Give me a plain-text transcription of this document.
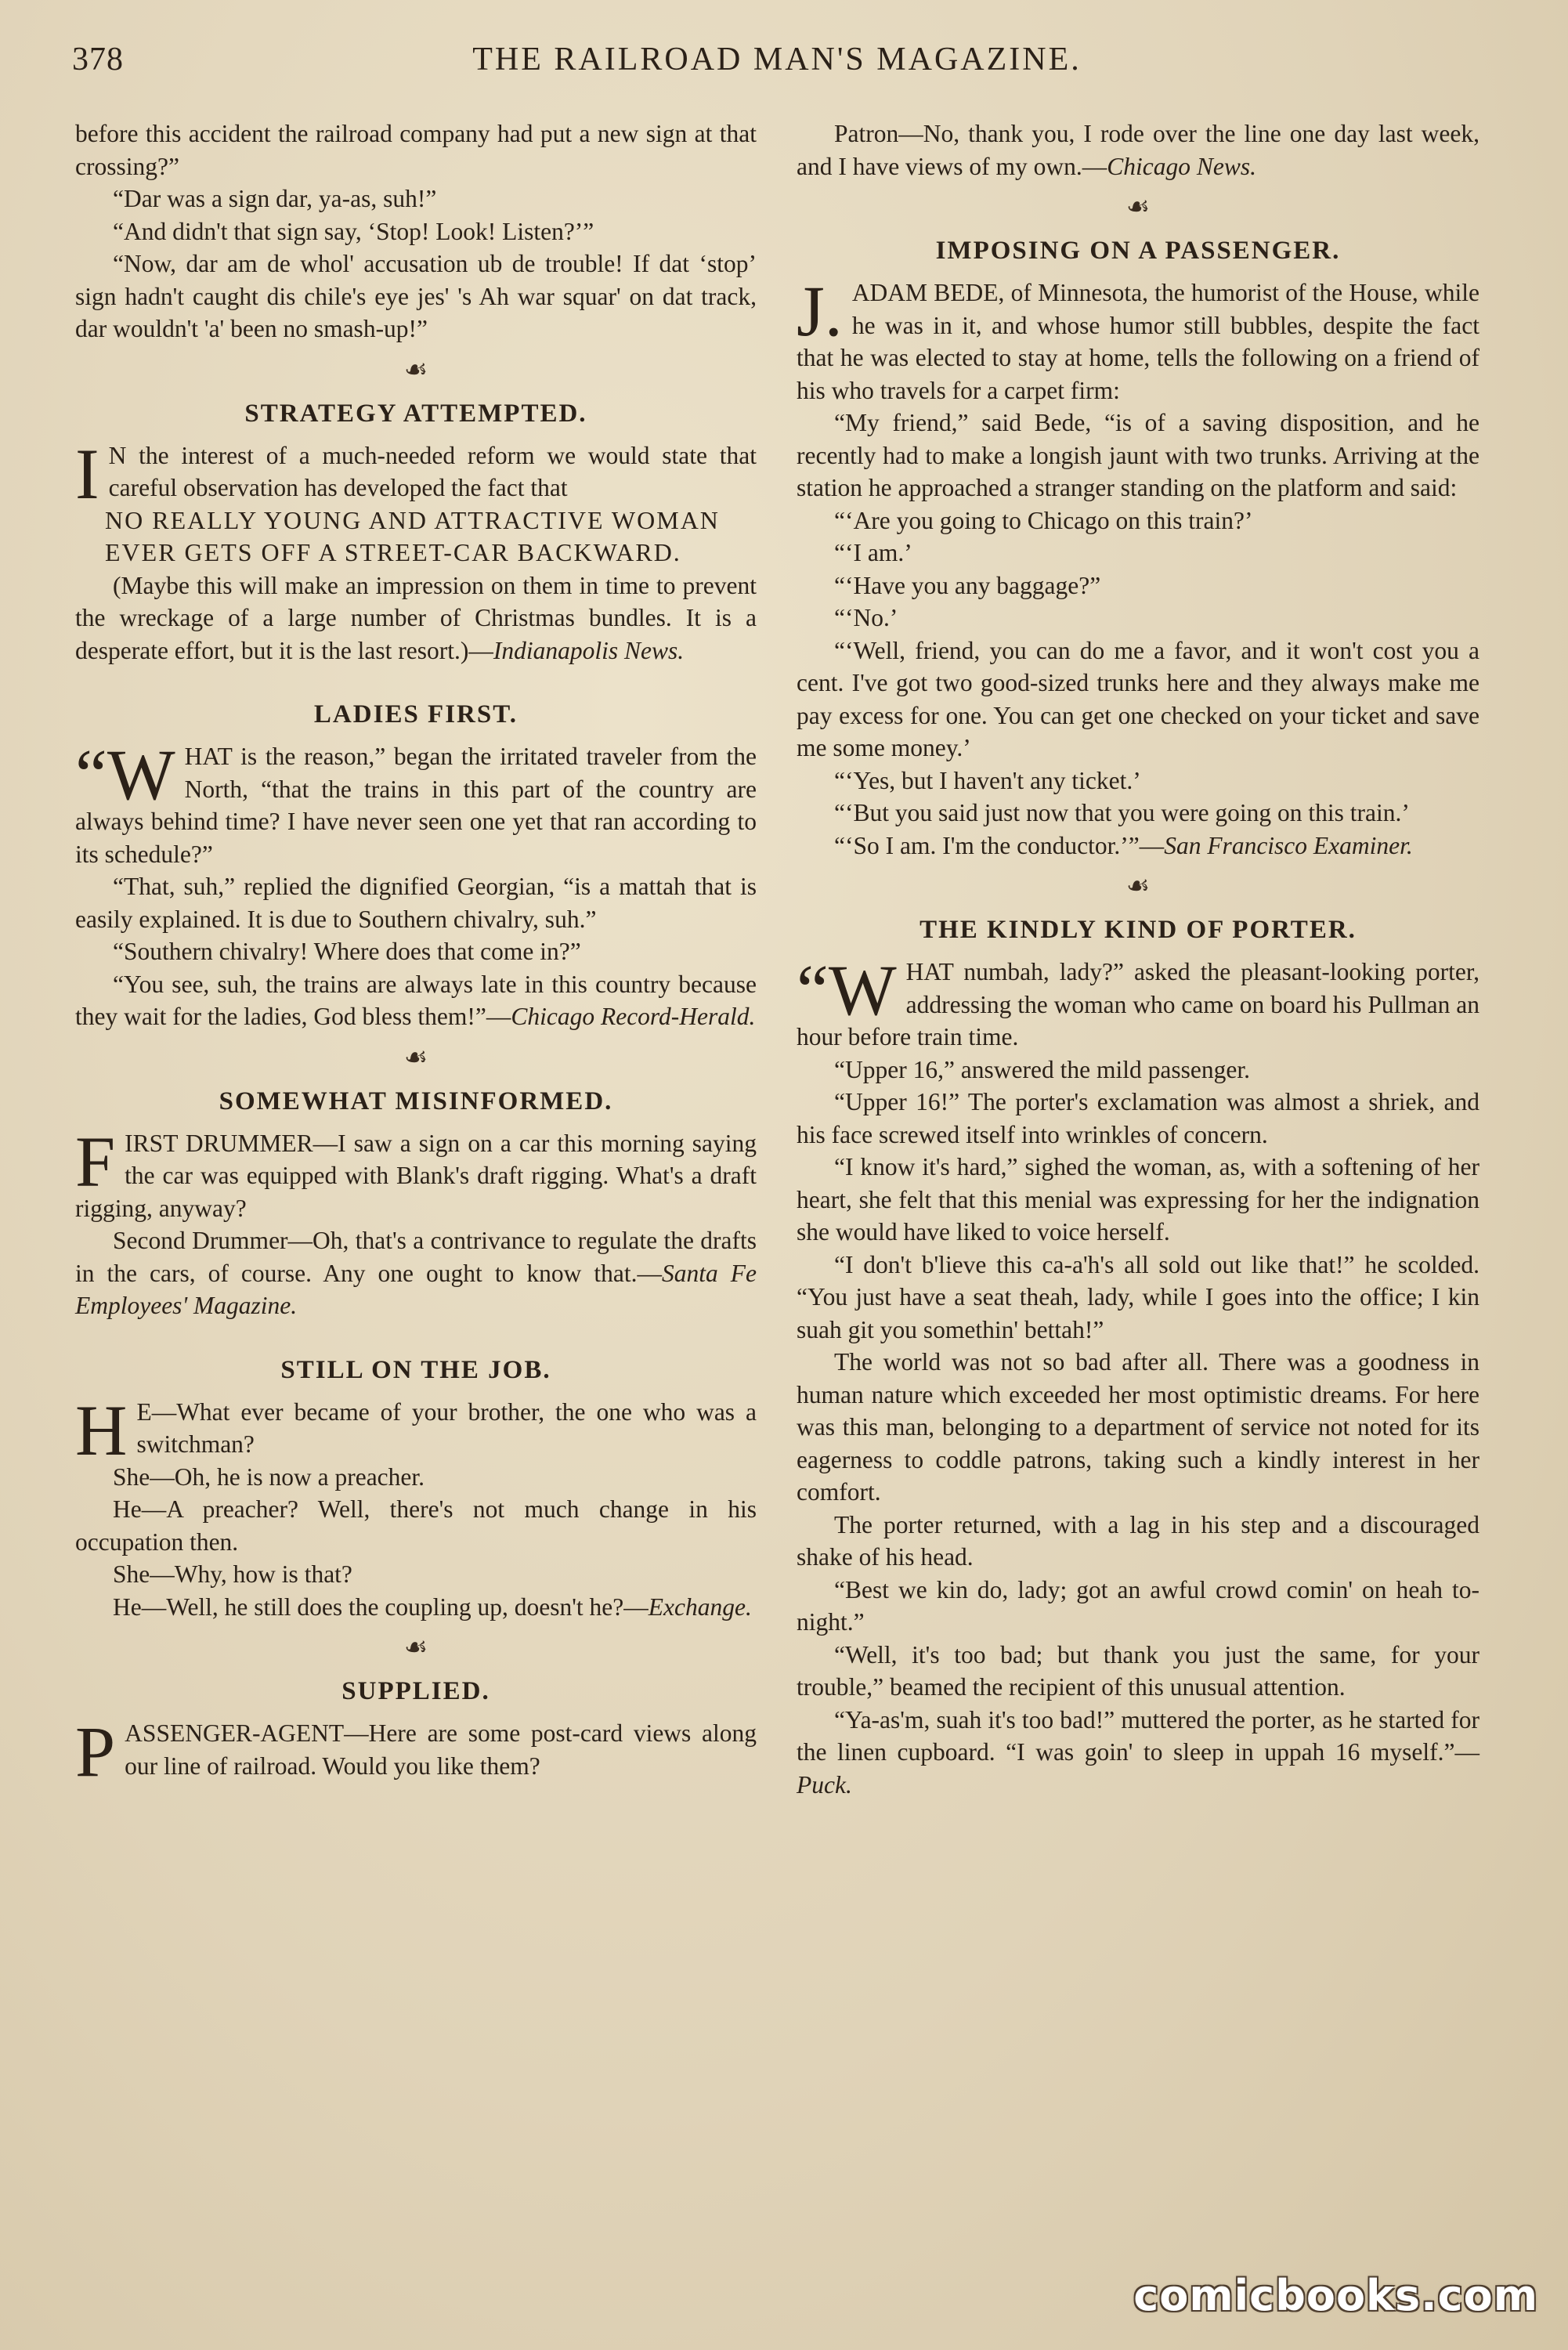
378	THE RAILROAD MAN'S MAGAZINE.

before this accident the railroad company had put a new sign at that crossing?”

“Dar was a sign dar, ya-as, suh!”

“And didn't that sign say, ‘Stop! Look! Listen?’”

“Now, dar am de whol' accusation ub de trouble! If dat ‘stop’ sign hadn't caught dis chile's eye jes' 's Ah war squar' on dat track, dar wouldn't 'a' been no smash-up!”

☙
STRATEGY ATTEMPTED.

I N the interest of a much-needed reform we would state that careful observation has developed the fact that

NO REALLY YOUNG AND ATTRACTIVE WOMAN EVER GETS OFF A STREET-CAR BACKWARD.

(Maybe this will make an impression on them in time to prevent the wreckage of a large number of Christmas bundles. It is a desperate effort, but it is the last resort.)—Indianapolis News.

LADIES FIRST.

“WHAT is the reason,” began the irritated traveler from the North, “that the trains in this part of the country are always behind time? I have never seen one yet that ran according to its schedule?”

“That, suh,” replied the dignified Georgian, “is a mattah that is easily explained. It is due to Southern chivalry, suh.”

“Southern chivalry! Where does that come in?”

“You see, suh, the trains are always late in this country because they wait for the ladies, God bless them!”—Chicago Record-Herald.

☙
SOMEWHAT MISINFORMED.

FIRST DRUMMER—I saw a sign on a car this morning saying the car was equipped with Blank's draft rigging. What's a draft rigging, anyway?

Second Drummer—Oh, that's a contrivance to regulate the drafts in the cars, of course. Any one ought to know that.—Santa Fe Employees' Magazine.

STILL ON THE JOB.

H E—What ever became of your brother, the one who was a switchman?

She—Oh, he is now a preacher.

He—A preacher? Well, there's not much change in his occupation then.

She—Why, how is that?

He—Well, he still does the coupling up, doesn't he?—Exchange.

☙
SUPPLIED.

PASSENGER-AGENT—Here are some post-card views along our line of railroad. Would you like them?

Patron—No, thank you, I rode over the line one day last week, and I have views of my own.—Chicago News.

☙
IMPOSING ON A PASSENGER.

J. ADAM BEDE, of Minnesota, the humorist of the House, while he was in it, and whose humor still bubbles, despite the fact that he was elected to stay at home, tells the following on a friend of his who travels for a carpet firm:

“My friend,” said Bede, “is of a saving disposition, and he recently had to make a longish jaunt with two trunks. Arriving at the station he approached a stranger standing on the platform and said:

“‘Are you going to Chicago on this train?’

“‘I am.’

“‘Have you any baggage?”

“‘No.’

“‘Well, friend, you can do me a favor, and it won't cost you a cent. I've got two good-sized trunks here and they always make me pay excess for one. You can get one checked on your ticket and save me some money.’

“‘Yes, but I haven't any ticket.’

“‘But you said just now that you were going on this train.’

“‘So I am. I'm the conductor.’”—San Francisco Examiner.

☙
THE KINDLY KIND OF PORTER.

“WHAT numbah, lady?” asked the pleasant-looking porter, addressing the woman who came on board his Pullman an hour before train time.

“Upper 16,” answered the mild passenger.

“Upper 16!” The porter's exclamation was almost a shriek, and his face screwed itself into wrinkles of concern.

“I know it's hard,” sighed the woman, as, with a softening of her heart, she felt that this menial was expressing for her the indignation she would have liked to voice herself.

“I don't b'lieve this ca-a'h's all sold out like that!” he scolded. “You just have a seat theah, lady, while I goes into the office; I kin suah git you somethin' bettah!”

The world was not so bad after all. There was a goodness in human nature which exceeded her most optimistic dreams. For here was this man, belonging to a department of service not noted for its eagerness to coddle patrons, taking such a kindly interest in her comfort.

The porter returned, with a lag in his step and a discouraged shake of his head.

“Best we kin do, lady; got an awful crowd comin' on heah to-night.”

“Well, it's too bad; but thank you just the same, for your trouble,” beamed the recipient of this unusual attention.

“Ya-as'm, suah it's too bad!” muttered the porter, as he started for the linen cupboard. “I was goin' to sleep in uppah 16 myself.”—Puck.

comicbooks.com
